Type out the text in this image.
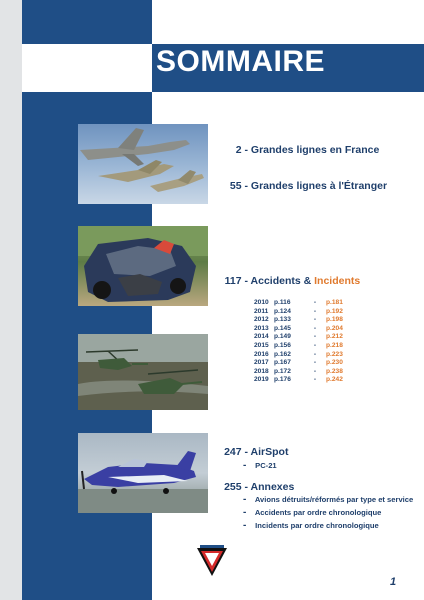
SOMMAIRE
2 - Grandes lignes en France
55 - Grandes lignes à l'Étranger
117 - Accidents & Incidents
2010 p.116	- p.181
2011 p.124	- p.192
2012 p.133	- p.198
2013 p.145	- p.204
2014 p.149	- p.212
2015 p.156	- p.218
2016 p.162	- p.223
2017 p.167	- p.230
2018 p.172	- p.238
2019 p.176	- p.242
247 - AirSpot
- PC-21
255 - Annexes
- Avions détruits/réformés par type et service
- Accidents par ordre chronologique
- Incidents par ordre chronologique
1
